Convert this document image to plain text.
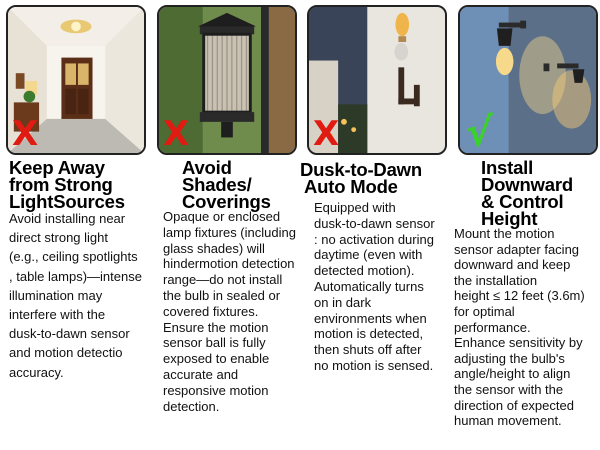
X	X	X	√
Keep Away
from Strong
LightSources
Avoid
Shades/
Coverings
Dusk-to-Dawn
Auto Mode
Install
Downward
& Control
Height
Avoid installing near
direct strong light
(e.g., ceiling spotlights
, table lamps)—intense
illumination may
interfere with the
dusk-to-dawn sensor
and motion detectio
accuracy.
Opaque or enclosed
lamp fixtures (including
glass shades) will
hindermotion detection
range—do not install
the bulb in sealed or
covered fixtures.
Ensure the motion
sensor ball is fully
exposed to enable
accurate and
responsive motion
detection.
Equipped with
dusk-to-dawn sensor
: no activation during
daytime (even with
detected motion).
Automatically turns
on in dark
environments when
motion is detected,
then shuts off after
no motion is sensed.
Mount the motion
sensor adapter facing
downward and keep
the installation
height ≤ 12 feet (3.6m)
for optimal
performance.
Enhance sensitivity by
adjusting the bulb's
angle/height to align
the sensor with the
direction of expected
human movement.
